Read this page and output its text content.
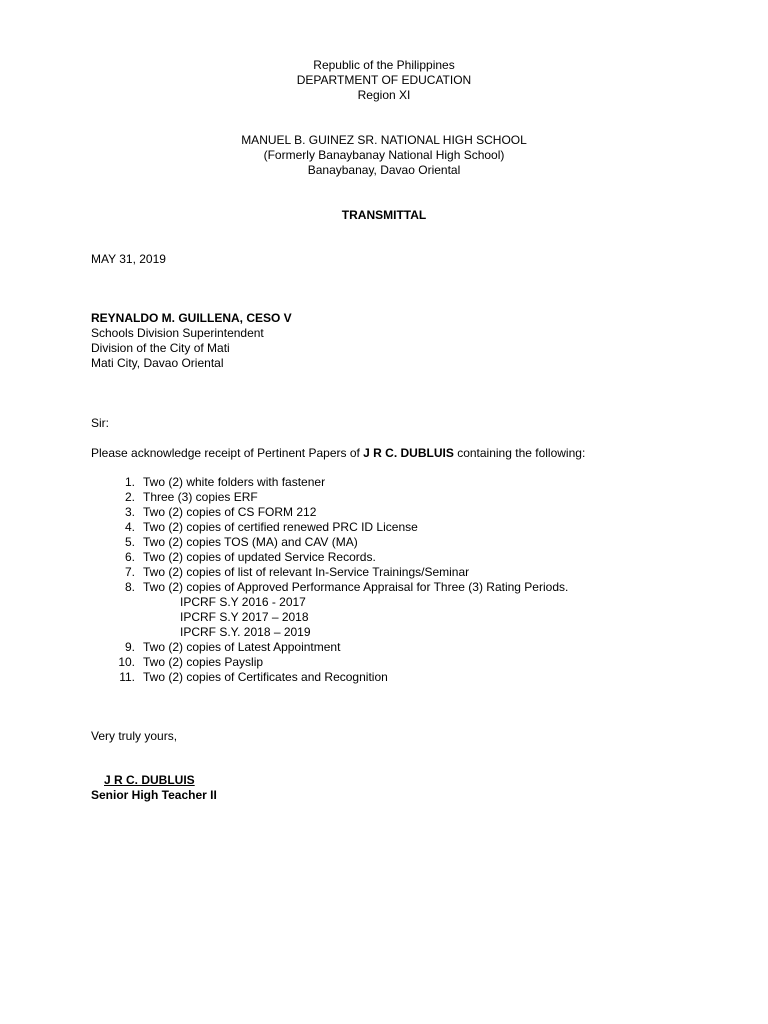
Republic of the Philippines
DEPARTMENT OF EDUCATION
Region XI
MANUEL B. GUINEZ SR. NATIONAL HIGH SCHOOL
(Formerly Banaybanay National High School)
Banaybanay, Davao Oriental
TRANSMITTAL
MAY 31, 2019
REYNALDO M. GUILLENA, CESO V
Schools Division Superintendent
Division of the City of Mati
Mati City, Davao Oriental
Sir:
Please acknowledge receipt of Pertinent Papers of J R C. DUBLUIS containing the following:
1. Two (2) white folders with fastener
2. Three (3) copies ERF
3. Two (2) copies of CS FORM 212
4. Two (2) copies of certified renewed PRC ID License
5. Two (2) copies TOS (MA) and CAV (MA)
6. Two (2) copies of updated Service Records.
7. Two (2) copies of list of relevant In-Service Trainings/Seminar
8. Two (2) copies of Approved Performance Appraisal for Three (3) Rating Periods.
IPCRF S.Y 2016 - 2017
IPCRF S.Y 2017 – 2018
IPCRF S.Y. 2018 – 2019
9. Two (2) copies of Latest Appointment
10. Two (2) copies Payslip
11. Two (2) copies of Certificates and Recognition
Very truly yours,
J R C. DUBLUIS
Senior High Teacher II
